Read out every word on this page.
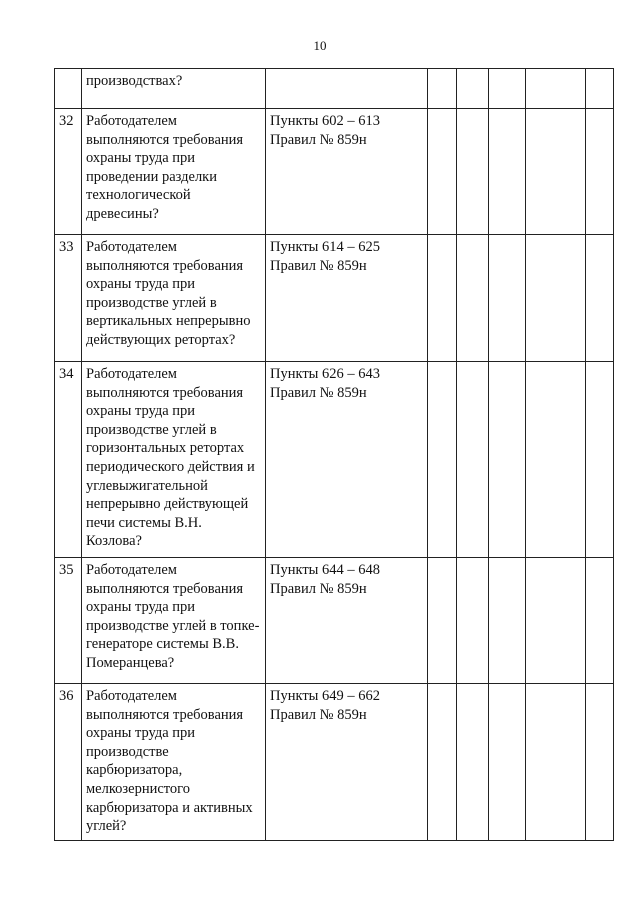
10
	производствах?						
32	Работодателем выполняются требования охраны труда при проведении разделки технологической древесины?	Пункты 602 – 613 Правил № 859н					
33	Работодателем выполняются требования охраны труда при производстве углей в вертикальных непрерывно действующих ретортах?	Пункты 614 – 625 Правил № 859н					
34	Работодателем выполняются требования охраны труда при производстве углей в горизонтальных ретортах периодического действия и углевыжигательной непрерывно действующей печи системы В.Н. Козлова?	Пункты 626 – 643 Правил № 859н					
35	Работодателем выполняются требования охраны труда при производстве углей в топке-генераторе системы В.В. Померанцева?	Пункты 644 – 648 Правил № 859н					
36	Работодателем выполняются требования охраны труда при производстве карбюризатора, мелкозернистого карбюризатора и активных углей?	Пункты 649 – 662 Правил № 859н					
